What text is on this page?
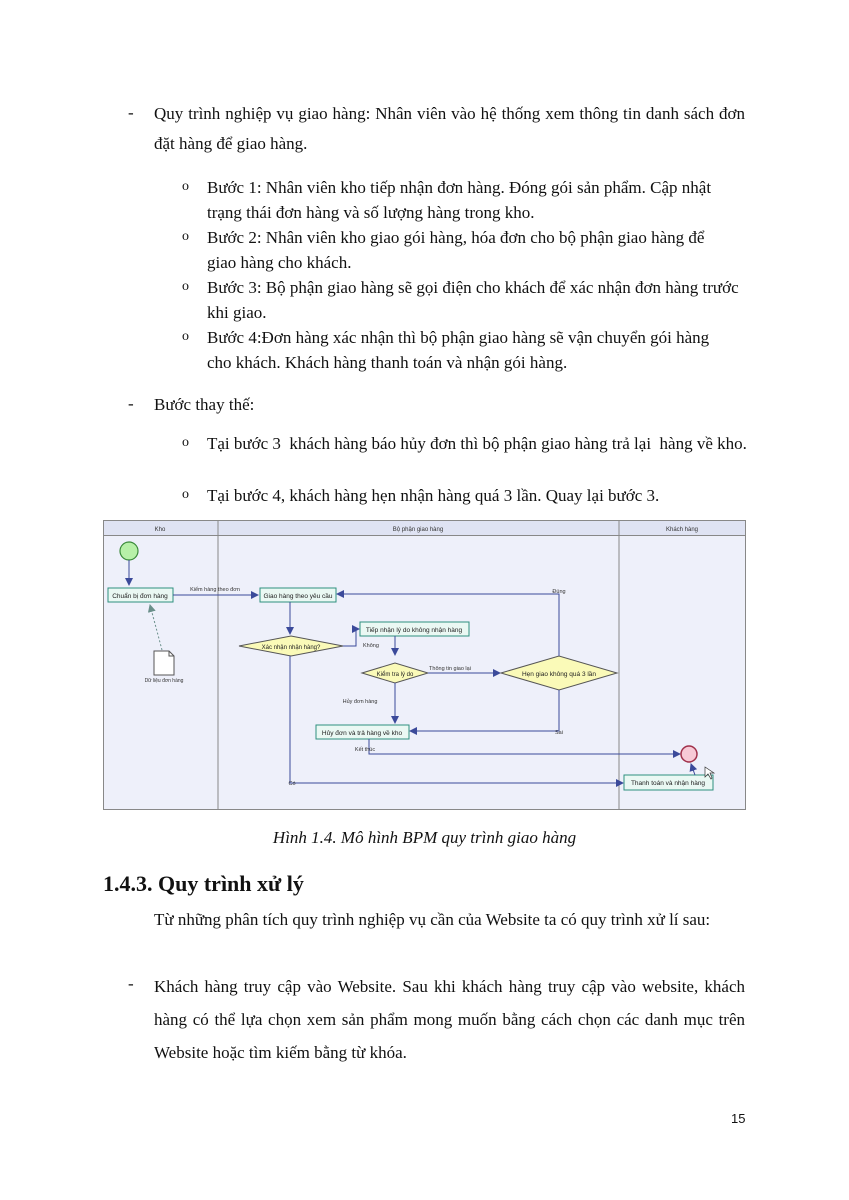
- Quy trình nghiệp vụ giao hàng: Nhân viên vào hệ thống xem thông tin danh sách đơn đặt hàng để giao hàng.
o Bước 1: Nhân viên kho tiếp nhận đơn hàng. Đóng gói sản phẩm. Cập nhật trạng thái đơn hàng và số lượng hàng trong kho.
o Bước 2: Nhân viên kho giao gói hàng, hóa đơn cho bộ phận giao hàng để giao hàng cho khách.
o Bước 3: Bộ phận giao hàng sẽ gọi điện cho khách để xác nhận đơn hàng trước   khi giao.
o Bước 4:Đơn hàng xác nhận thì bộ phận giao hàng sẽ vận chuyển gói hàng cho khách. Khách hàng thanh toán và nhận gói hàng.
- Bước thay thế:
o Tại bước 3  khách hàng báo hủy đơn thì bộ phận giao hàng trả lại  hàng về kho.
o Tại bước 4, khách hàng hẹn nhận hàng quá 3 lần. Quay lại bước 3.
Kho	Bộ phận giao hàng	Khách hàng
Chuẩn bị đơn hàng
Dữ liệu đơn hàng
Kiểm hàng theo đơn
Giao hàng theo yêu cầu
Xác nhận nhận hàng?	Không
Tiếp nhận lý do không nhận hàng
Kiểm tra lý do
Thông tin giao lại
Hẹn giao không quá 3 lần
Đúng
Sai
Hủy đơn hàng
Hủy đơn và trả hàng về kho
Kết thúc
Có	Thanh toán và nhận hàng
Hình 1.4. Mô hình BPM quy trình giao hàng
1.4.3. Quy trình xử lý
Từ những phân tích quy trình nghiệp vụ cần của Website ta có quy trình xử lí sau:
- Khách hàng truy cập vào Website. Sau khi khách hàng truy cập vào website, khách hàng có thể lựa chọn xem sản phẩm mong muốn bằng cách chọn các danh mục trên Website hoặc tìm kiếm bằng từ khóa.
15
